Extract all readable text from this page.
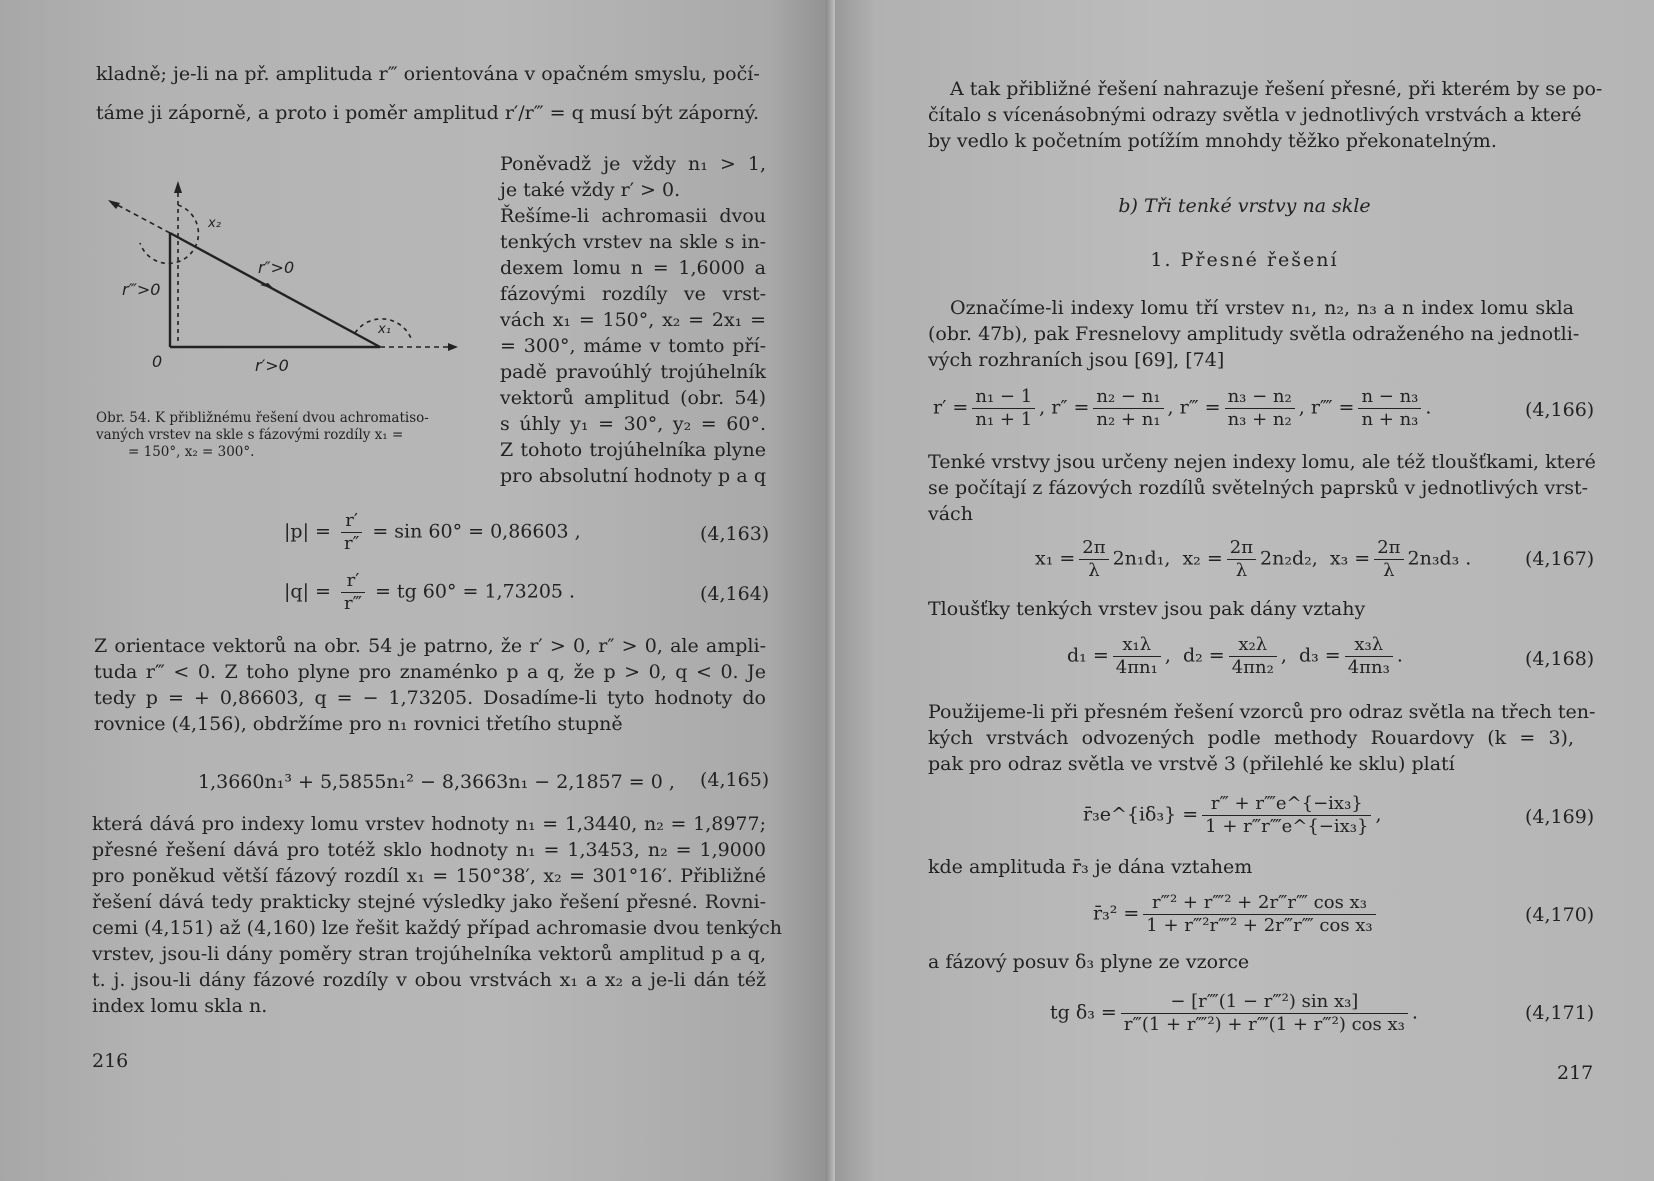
kladně; je-li na př. amplituda r‴ orientována v opačném smyslu, počí-
táme ji záporně, a proto i poměr amplitud r′/r‴ = q musí být záporný.
x₂
x₁
r″>0
r‴>0
r′>0
0
Poněvadž je vždy n₁ > 1,
je také vždy r′ > 0.
Řešíme-li achromasii dvou
tenkých vrstev na skle s in-
dexem lomu n = 1,6000 a
fázovými rozdíly ve vrst-
vách x₁ = 150°, x₂ = 2x₁ =
= 300°, máme v tomto pří-
padě pravoúhlý trojúhelník
vektorů amplitud (obr. 54)
s úhly y₁ = 30°, y₂ = 60°.
Z tohoto trojúhelníka plyne
pro absolutní hodnoty p a q
Obr. 54. K přibližnému řešení dvou achromatiso-
vaných vrstev na skle s fázovými rozdíly x₁ =
= 150°, x₂ = 300°.
$|p| = \frac{r'}{r''} = \sin 60^\circ = 0,86603$ ,	(4,163)
$|q| = \frac{r'}{r‴}$ = tg 60° = 1,73205 .	(4,164)
Z orientace vektorů na obr. 54 je patrno, že r′ > 0, r″ > 0, ale ampli-
tuda r‴ < 0. Z toho plyne pro znaménko p a q, že p > 0, q < 0. Je
tedy p = + 0,86603, q = − 1,73205. Dosadíme-li tyto hodnoty do
rovnice (4,156), obdržíme pro n₁ rovnici třetího stupně
1,3660n₁³ + 5,5855n₁² − 8,3663n₁ − 2,1857 = 0 , (4,165)
která dává pro indexy lomu vrstev hodnoty n₁ = 1,3440, n₂ = 1,8977;
přesné řešení dává pro totéž sklo hodnoty n₁ = 1,3453, n₂ = 1,9000
pro poněkud větší fázový rozdíl x₁ = 150°38′, x₂ = 301°16′. Přibližné
řešení dává tedy prakticky stejné výsledky jako řešení přesné. Rovni-
cemi (4,151) až (4,160) lze řešit každý případ achromasie dvou tenkých
vrstev, jsou-li dány poměry stran trojúhelníka vektorů amplitud p a q,
t. j. jsou-li dány fázové rozdíly v obou vrstvách x₁ a x₂ a je-li dán též
index lomu skla n.
216
A tak přibližné řešení nahrazuje řešení přesné, při kterém by se po-
čítalo s vícenásobnými odrazy světla v jednotlivých vrstvách a které
by vedlo k početním potížím mnohdy těžko překonatelným.
b) Tři tenké vrstvy na skle
1. Přesné řešení
Označíme-li indexy lomu tří vrstev n₁, n₂, n₃ a n index lomu skla
(obr. 47b), pak Fresnelovy amplitudy světla odraženého na jednotli-
vých rozhraních jsou [69], [74]
$r' = \frac{\text{n₁ − 1}}{\text{n₁ + 1}}$ , $r'' = \frac{\text{n₂ − n₁}}{\text{n₂ + n₁}}$ , r‴ = $\frac{\text{n₃ − n₂}}{\text{n₃ + n₂}}$ , r⁗ = $\frac{\text{n − n₃}}{\text{n + n₃}}$ .	(4,166)
Tenké vrstvy jsou určeny nejen indexy lomu, ale též tloušťkami, které
se počítají z fázových rozdílů světelných paprsků v jednotlivých vrst-
vách
$x_1 = \frac{2\pi}{\lambda} 2n_1d_1$, $x_2 = \frac{2\pi}{\lambda} 2n_2d_2$, $x_3 = \frac{2\pi}{\lambda} 2n_3d_3$ .	(4,167)
Tloušťky tenkých vrstev jsou pak dány vztahy
$d_1 = \frac{\text{x₁λ}}{\text{4πn₁}}$ , $d_2 = \frac{\text{x₂λ}}{\text{4πn₂}}$ , $d_3 = \frac{\text{x₃λ}}{\text{4πn₃}}$ .	(4,168)
Použijeme-li při přesném řešení vzorců pro odraz světla na třech ten-
kých vrstvách odvozených podle methody Rouardovy (k = 3),
pak pro odraz světla ve vrstvě 3 (přilehlé ke sklu) platí
r̄₃e^{iδ₃} = $\frac{\text{r‴ + r⁗e\textasciicircum{}\{−ix₃\}}}{\text{1 + r‴r⁗e\textasciicircum{}\{−ix₃\}}}$ ,	(4,169)
kde amplituda r̄₃ je dána vztahem
r̄₃² = $\frac{\text{r‴² + r⁗² + 2r‴r⁗ cos x₃}}{\text{1 + r‴²r⁗² + 2r‴r⁗ cos x₃}}$	(4,170)
a fázový posuv δ₃ plyne ze vzorce
tg $\delta_3 = \frac{\text{− [r⁗(1 − r‴²) sin x₃]}}{\text{r‴(1 + r⁗²) + r⁗(1 + r‴²) cos x₃}}$ .	(4,171)
217
